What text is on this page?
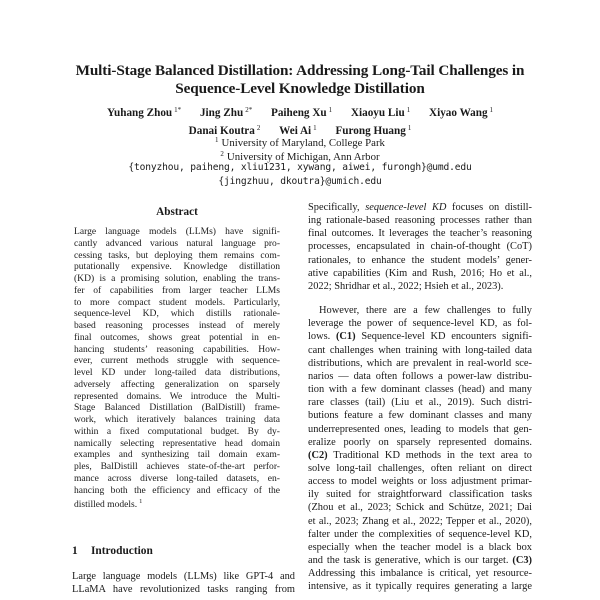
Multi-Stage Balanced Distillation: Addressing Long-Tail Challenges in
Sequence-Level Knowledge Distillation
Yuhang Zhou $^{1*}$ Jing Zhu $^{2*}$ Paiheng Xu $^1$ Xiaoyu Liu $^1$ Xiyao Wang $^1$
Danai Koutra $^2$ Wei Ai $^1$ Furong Huang $^1$
$^1$ University of Maryland, College Park
$^2$ University of Michigan, Ann Arbor
{tonyzhou, paiheng, xliu1231, xywang, aiwei, furongh}@umd.edu
{jingzhuu, dkoutra}@umich.edu
Abstract
Large language models (LLMs) have signifi-
cantly advanced various natural language pro-
cessing tasks, but deploying them remains com-
putationally expensive. Knowledge distillation
(KD) is a promising solution, enabling the trans-
fer of capabilities from larger teacher LLMs
to more compact student models. Particularly,
sequence-level KD, which distills rationale-
based reasoning processes instead of merely
final outcomes, shows great potential in en-
hancing students’ reasoning capabilities. How-
ever, current methods struggle with sequence-
level KD under long-tailed data distributions,
adversely affecting generalization on sparsely
represented domains. We introduce the Multi-
Stage Balanced Distillation (BalDistill) frame-
work, which iteratively balances training data
within a fixed computational budget. By dy-
namically selecting representative head domain
examples and synthesizing tail domain exam-
ples, BalDistill achieves state-of-the-art perfor-
mance across diverse long-tailed datasets, en-
hancing both the efficiency and efficacy of the
distilled models. $^1$
1 Introduction
Large language models (LLMs) like GPT-4 and
LLaMA have revolutionized tasks ranging from
Specifically, sequence-level KD focuses on distill-
ing rationale-based reasoning processes rather than
final outcomes. It leverages the teacher’s reasoning
processes, encapsulated in chain-of-thought (CoT)
rationales, to enhance the student models’ gener-
ative capabilities (Kim and Rush, 2016; Ho et al.,
2022; Shridhar et al., 2022; Hsieh et al., 2023).
However, there are a few challenges to fully
leverage the power of sequence-level KD, as fol-
lows. (C1) Sequence-level KD encounters signifi-
cant challenges when training with long-tailed data
distributions, which are prevalent in real-world sce-
narios — data often follows a power-law distribu-
tion with a few dominant classes (head) and many
rare classes (tail) (Liu et al., 2019). Such distri-
butions feature a few dominant classes and many
underrepresented ones, leading to models that gen-
eralize poorly on sparsely represented domains.
(C2) Traditional KD methods in the text area to
solve long-tail challenges, often reliant on direct
access to model weights or loss adjustment primar-
ily suited for straightforward classification tasks
(Zhou et al., 2023; Schick and Schütze, 2021; Dai
et al., 2023; Zhang et al., 2022; Tepper et al., 2020),
falter under the complexities of sequence-level KD,
especially when the teacher model is a black box
and the task is generative, which is our target. (C3)
Addressing this imbalance is critical, yet resource-
intensive, as it typically requires generating a large
